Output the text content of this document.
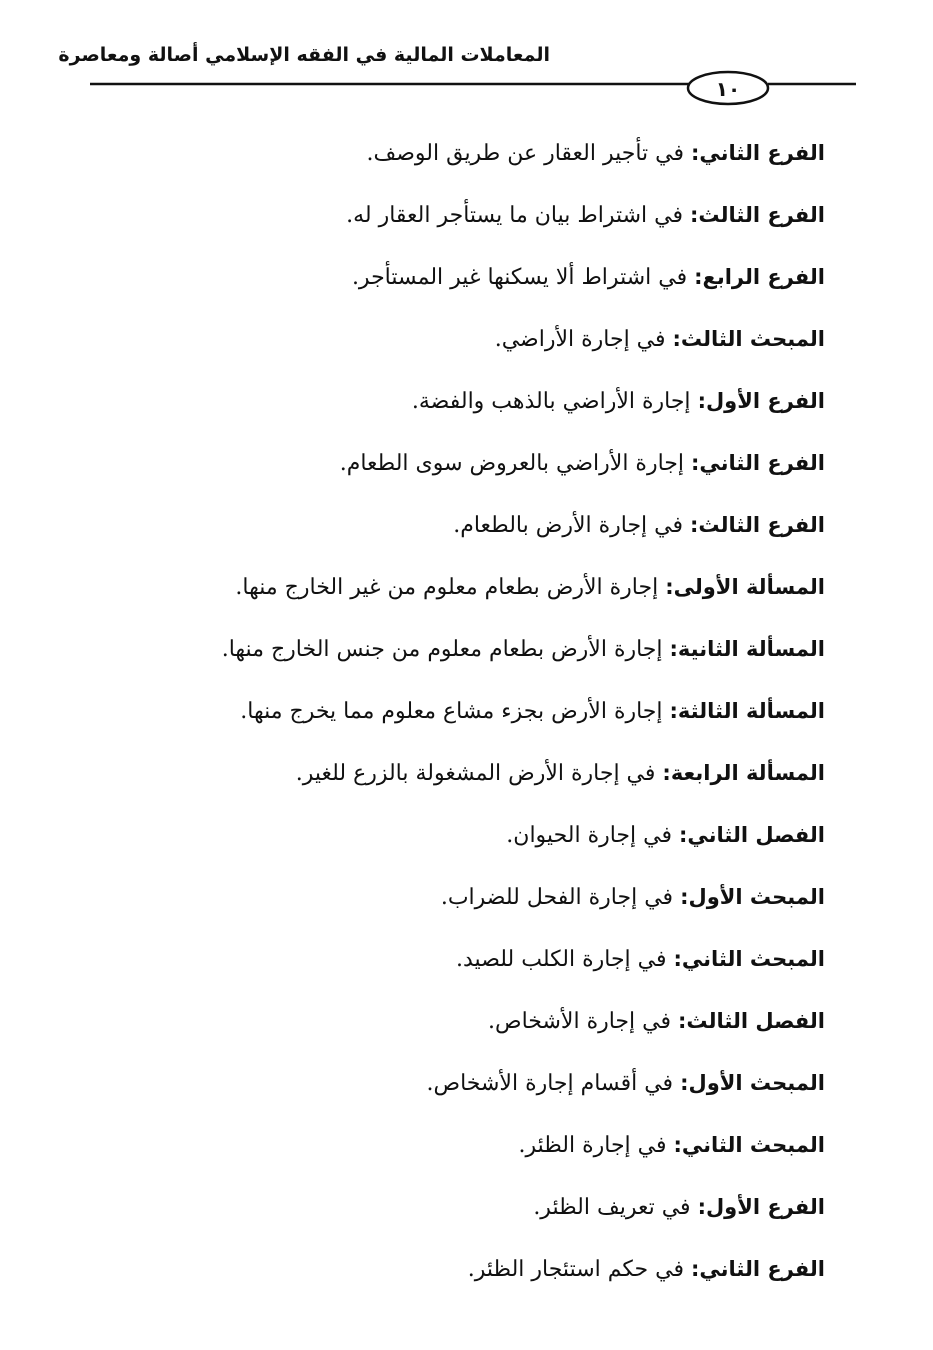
المعاملات المالية في الفقه الإسلامي أصالة ومعاصرة
١٠
الفرع الثاني: في تأجير العقار عن طريق الوصف.
الفرع الثالث: في اشتراط بيان ما يستأجر العقار له.
الفرع الرابع: في اشتراط ألا يسكنها غير المستأجر.
المبحث الثالث: في إجارة الأراضي.
الفرع الأول: إجارة الأراضي بالذهب والفضة.
الفرع الثاني: إجارة الأراضي بالعروض سوى الطعام.
الفرع الثالث: في إجارة الأرض بالطعام.
المسألة الأولى: إجارة الأرض بطعام معلوم من غير الخارج منها.
المسألة الثانية: إجارة الأرض بطعام معلوم من جنس الخارج منها.
المسألة الثالثة: إجارة الأرض بجزء مشاع معلوم مما يخرج منها.
المسألة الرابعة: في إجارة الأرض المشغولة بالزرع للغير.
الفصل الثاني: في إجارة الحيوان.
المبحث الأول: في إجارة الفحل للضراب.
المبحث الثاني: في إجارة الكلب للصيد.
الفصل الثالث: في إجارة الأشخاص.
المبحث الأول: في أقسام إجارة الأشخاص.
المبحث الثاني: في إجارة الظئر.
الفرع الأول: في تعريف الظئر.
الفرع الثاني: في حكم استئجار الظئر.
